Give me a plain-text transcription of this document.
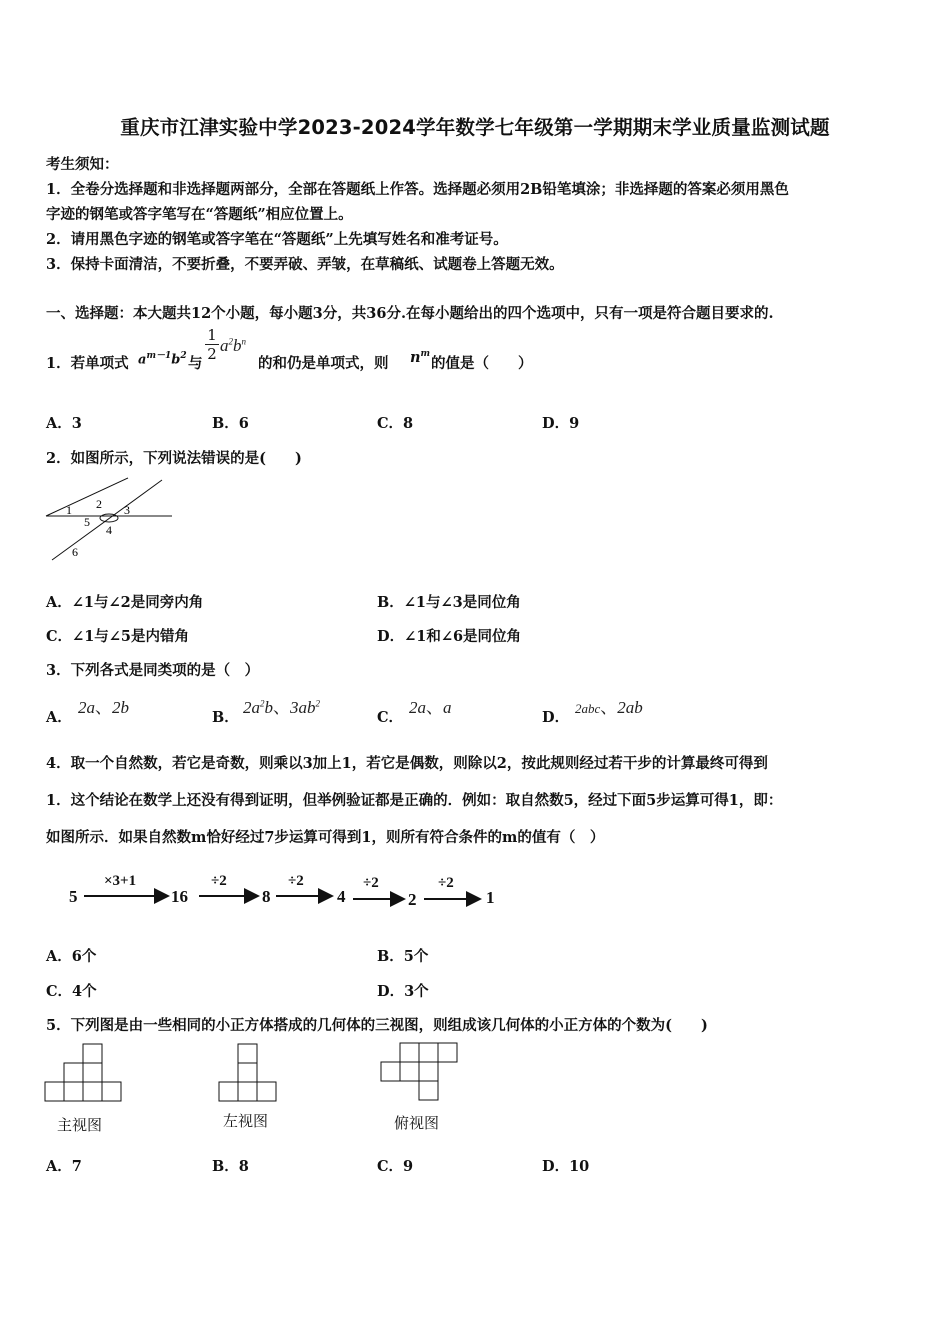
重庆市江津实验中学2023-2024学年数学七年级第一学期期末学业质量监测试题
考生须知：
1．全卷分选择题和非选择题两部分，全部在答题纸上作答。选择题必须用2B铅笔填涂；非选择题的答案必须用黑色
字迹的钢笔或答字笔写在“答题纸”相应位置上。
2．请用黑色字迹的钢笔或答字笔在“答题纸”上先填写姓名和准考证号。
3．保持卡面清洁，不要折叠，不要弄破、弄皱，在草稿纸、试题卷上答题无效。
一、选择题：本大题共12个小题，每小题3分，共36分.在每小题给出的四个选项中，只有一项是符合题目要求的.
1．若单项式 $a^{m-1}b^2$ 与
1
2 $a^2b^n$
的和仍是单项式，则 $n^m$
的值是（　　）
A．3	B．6	C．8	D．9
2．如图所示，下列说法错误的是(　　)
1 2 3
4
5
6
A．∠1与∠2是同旁内角	B．∠1与∠3是同位角
C．∠1与∠5是内错角	D．∠1和∠6是同位角
3．下列各式是同类项的是（　）
A．
2a、2b
B．
$2a^2b$、$3ab^2$
C．
2a、a
D．
2abc、2ab
4．取一个自然数，若它是奇数，则乘以3加上1，若它是偶数，则除以2，按此规则经过若干步的计算最终可得到
1．这个结论在数学上还没有得到证明，但举例验证都是正确的．例如：取自然数5，经过下面5步运算可得1，即：
如图所示．如果自然数m恰好经过7步运算可得到1，则所有符合条件的m的值有（　）
5	16	8	4	2	1
×3+1	÷2	÷2	÷2	÷2
A．6个	B．5个
C．4个	D．3个
5．下列图是由一些相同的小正方体搭成的几何体的三视图，则组成该几何体的小正方体的个数为(　　)
主视图	左视图	俯视图
A．7	B．8	C．9	D．10
